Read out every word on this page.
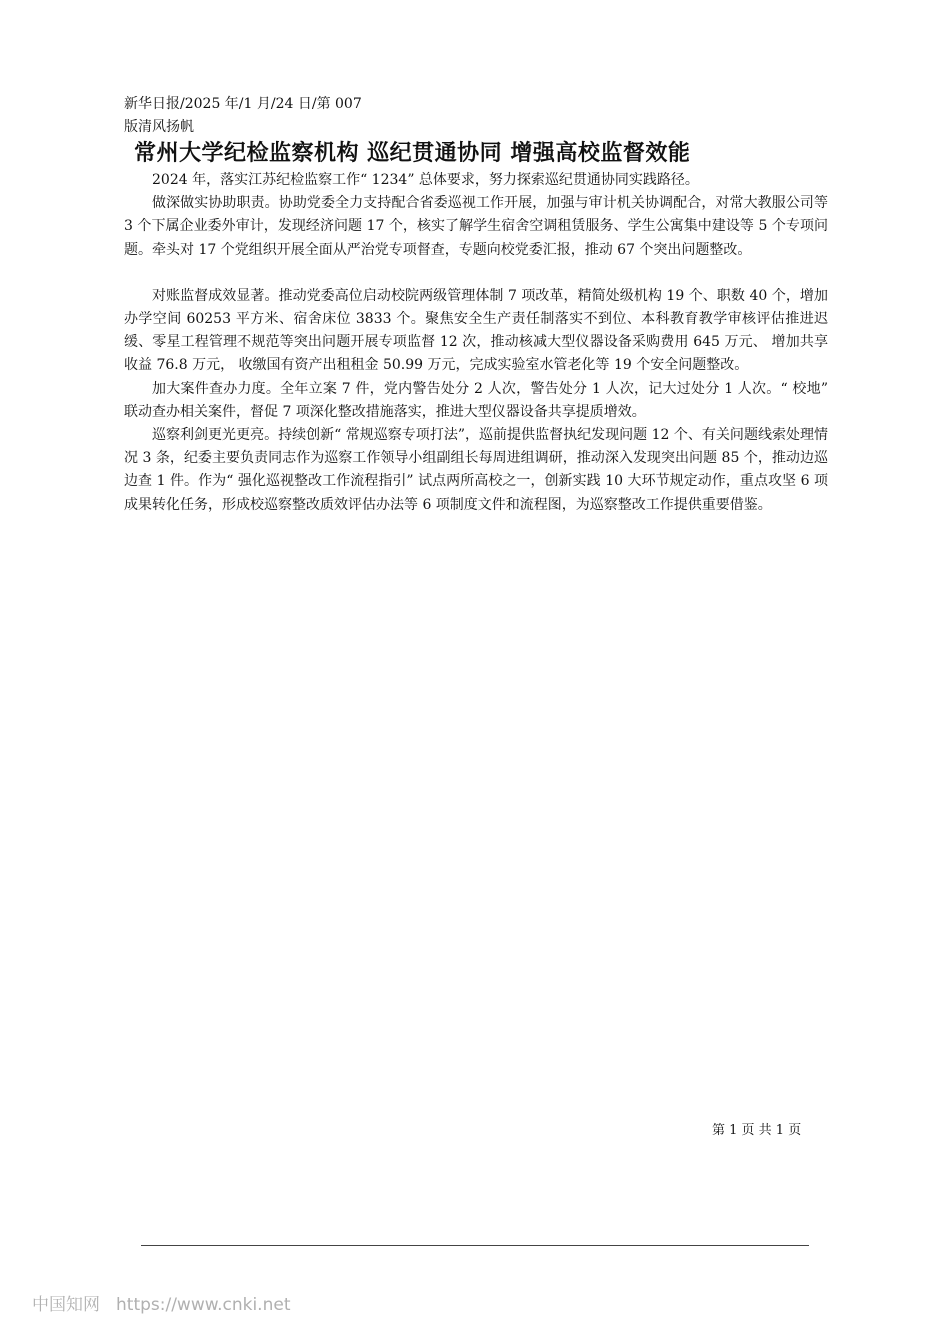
新华日报/2025 年/1 月/24 日/第 007
版清风扬帆
常州大学纪检监察机构 巡纪贯通协同 增强高校监督效能

2024 年，落实江苏纪检监察工作“ 1234” 总体要求，努力探索巡纪贯通协同实践路径。

做深做实协助职责。协助党委全力支持配合省委巡视工作开展，加强与审计机关协调配合，对常大教服公司等 3 个下属企业委外审计，发现经济问题 17 个，核实了解学生宿舍空调租赁服务、学生公寓集中建设等 5 个专项问题。牵头对 17 个党组织开展全面从严治党专项督查，专题向校党委汇报，推动 67 个突出问题整改。

对账监督成效显著。推动党委高位启动校院两级管理体制 7 项改革，精简处级机构 19 个、职数 40 个，增加办学空间 60253 平方米、宿舍床位 3833 个。聚焦安全生产责任制落实不到位、本科教育教学审核评估推进迟缓、零星工程管理不规范等突出问题开展专项监督 12 次，推动核减大型仪器设备采购费用 645 万元、 增加共享收益 76.8 万元， 收缴国有资产出租租金 50.99 万元，完成实验室水管老化等 19 个安全问题整改。

加大案件查办力度。全年立案 7 件，党内警告处分 2 人次，警告处分 1 人次，记大过处分 1 人次。“ 校地” 联动查办相关案件，督促 7 项深化整改措施落实，推进大型仪器设备共享提质增效。

巡察利剑更光更亮。持续创新“ 常规巡察专项打法”，巡前提供监督执纪发现问题 12 个、有关问题线索处理情况 3 条，纪委主要负责同志作为巡察工作领导小组副组长每周进组调研，推动深入发现突出问题 85 个，推动边巡边查 1 件。作为“ 强化巡视整改工作流程指引” 试点两所高校之一，创新实践 10 大环节规定动作，重点攻坚 6 项成果转化任务，形成校巡察整改质效评估办法等 6 项制度文件和流程图，为巡察整改工作提供重要借鉴。

第 1 页 共 1 页
中国知网 https://www.cnki.net
